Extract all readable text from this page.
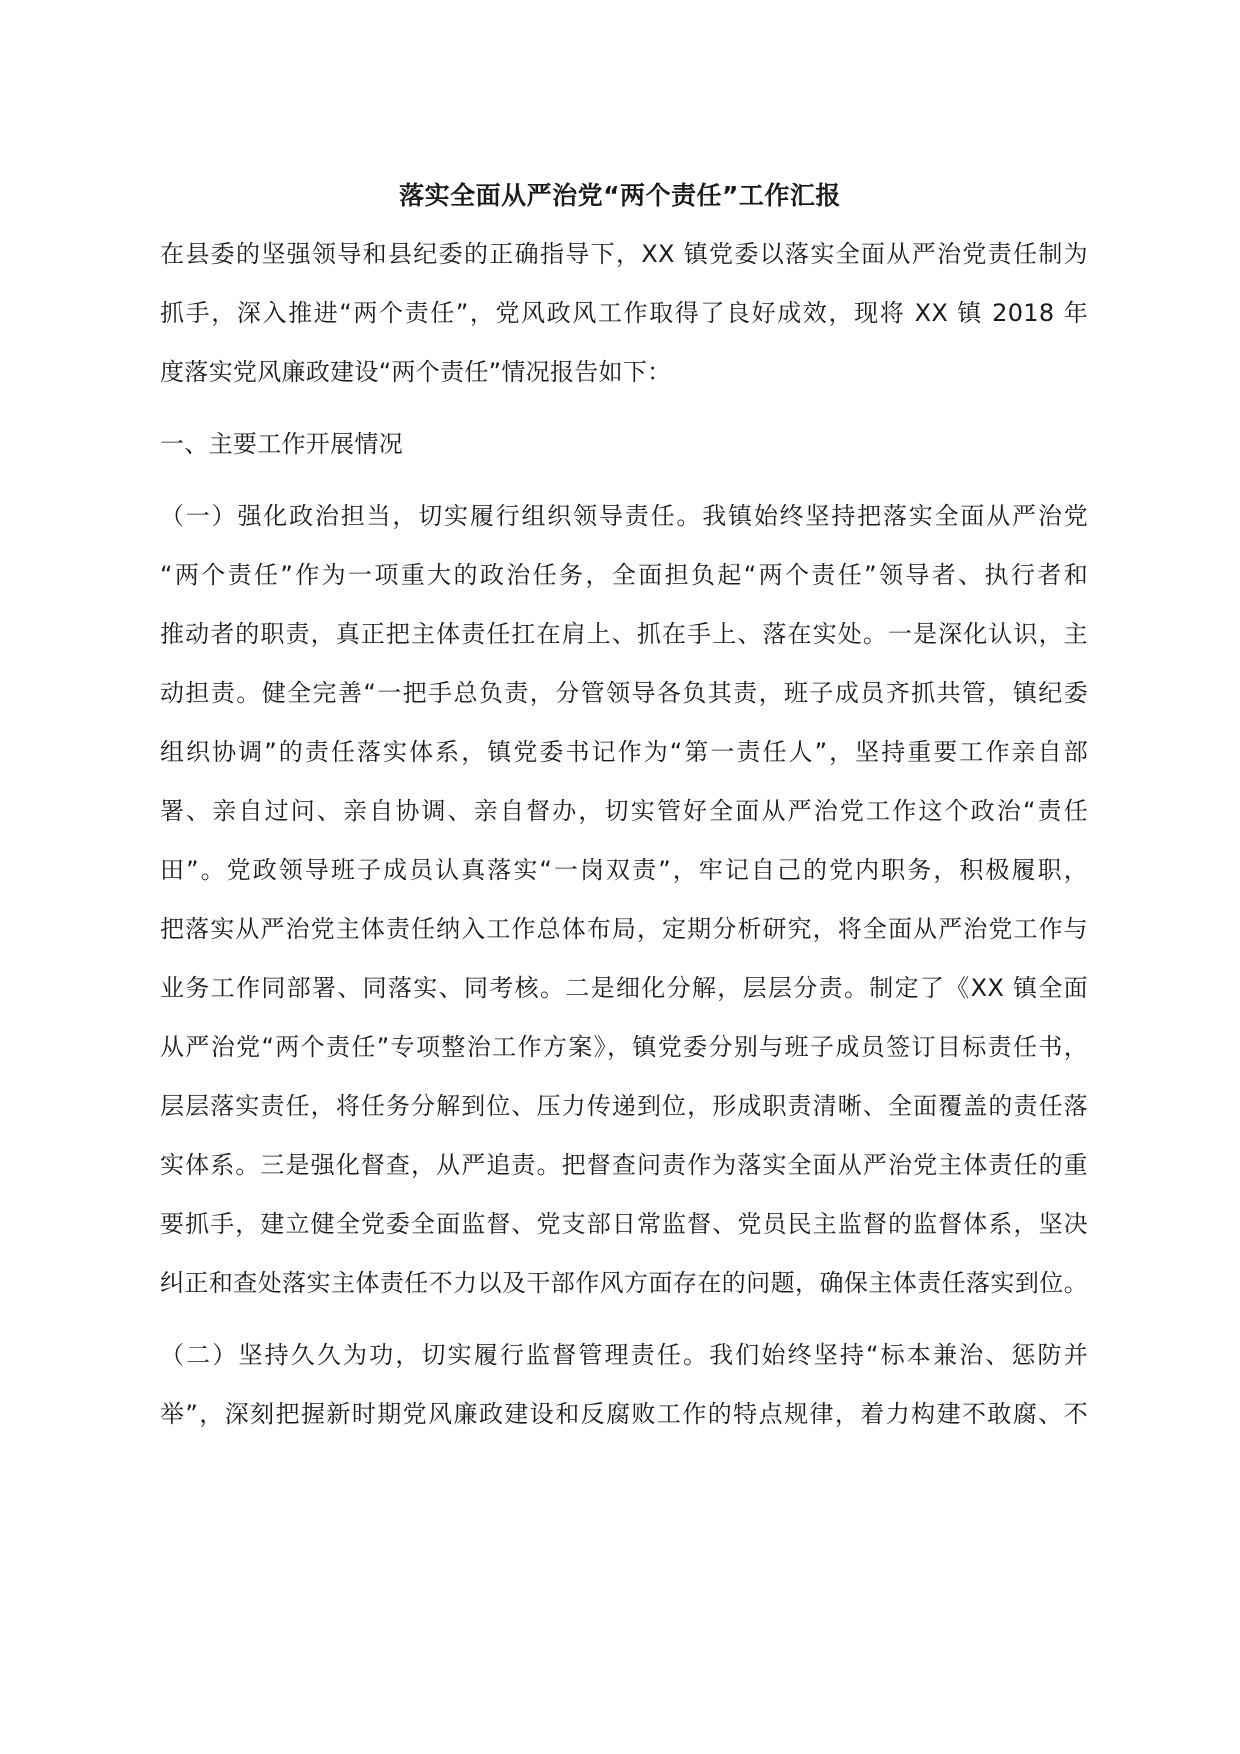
落实全面从严治党“两个责任”工作汇报
在县委的坚强领导和县纪委的正确指导下，XX 镇党委以落实全面从严治党责任制为
抓手，深入推进“两个责任”，党风政风工作取得了良好成效，现将 XX 镇 2018 年
度落实党风廉政建设“两个责任”情况报告如下：
一、主要工作开展情况
（一）强化政治担当，切实履行组织领导责任。我镇始终坚持把落实全面从严治党
“两个责任”作为一项重大的政治任务，全面担负起“两个责任”领导者、执行者和
推动者的职责，真正把主体责任扛在肩上、抓在手上、落在实处。一是深化认识，主
动担责。健全完善“一把手总负责，分管领导各负其责，班子成员齐抓共管，镇纪委
组织协调”的责任落实体系，镇党委书记作为“第一责任人”，坚持重要工作亲自部
署、亲自过问、亲自协调、亲自督办，切实管好全面从严治党工作这个政治“责任
田”。党政领导班子成员认真落实“一岗双责”，牢记自己的党内职务，积极履职，
把落实从严治党主体责任纳入工作总体布局，定期分析研究，将全面从严治党工作与
业务工作同部署、同落实、同考核。二是细化分解，层层分责。制定了《XX 镇全面
从严治党“两个责任”专项整治工作方案》，镇党委分别与班子成员签订目标责任书，
层层落实责任，将任务分解到位、压力传递到位，形成职责清晰、全面覆盖的责任落
实体系。三是强化督查，从严追责。把督查问责作为落实全面从严治党主体责任的重
要抓手，建立健全党委全面监督、党支部日常监督、党员民主监督的监督体系，坚决
纠正和查处落实主体责任不力以及干部作风方面存在的问题，确保主体责任落实到位。
（二）坚持久久为功，切实履行监督管理责任。我们始终坚持“标本兼治、惩防并
举”，深刻把握新时期党风廉政建设和反腐败工作的特点规律，着力构建不敢腐、不
